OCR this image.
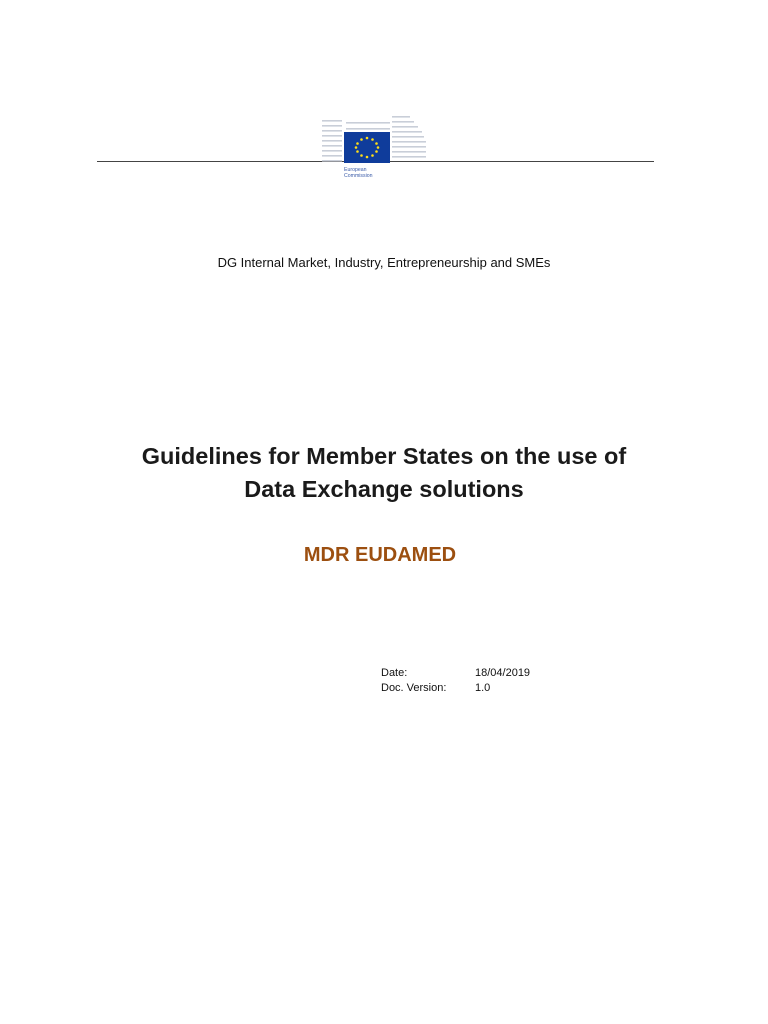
European
Commission
DG Internal Market, Industry, Entrepreneurship and SMEs
Guidelines for Member States on the use of
Data Exchange solutions
MDR EUDAMED
Date:	18/04/2019
Doc. Version:	1.0
